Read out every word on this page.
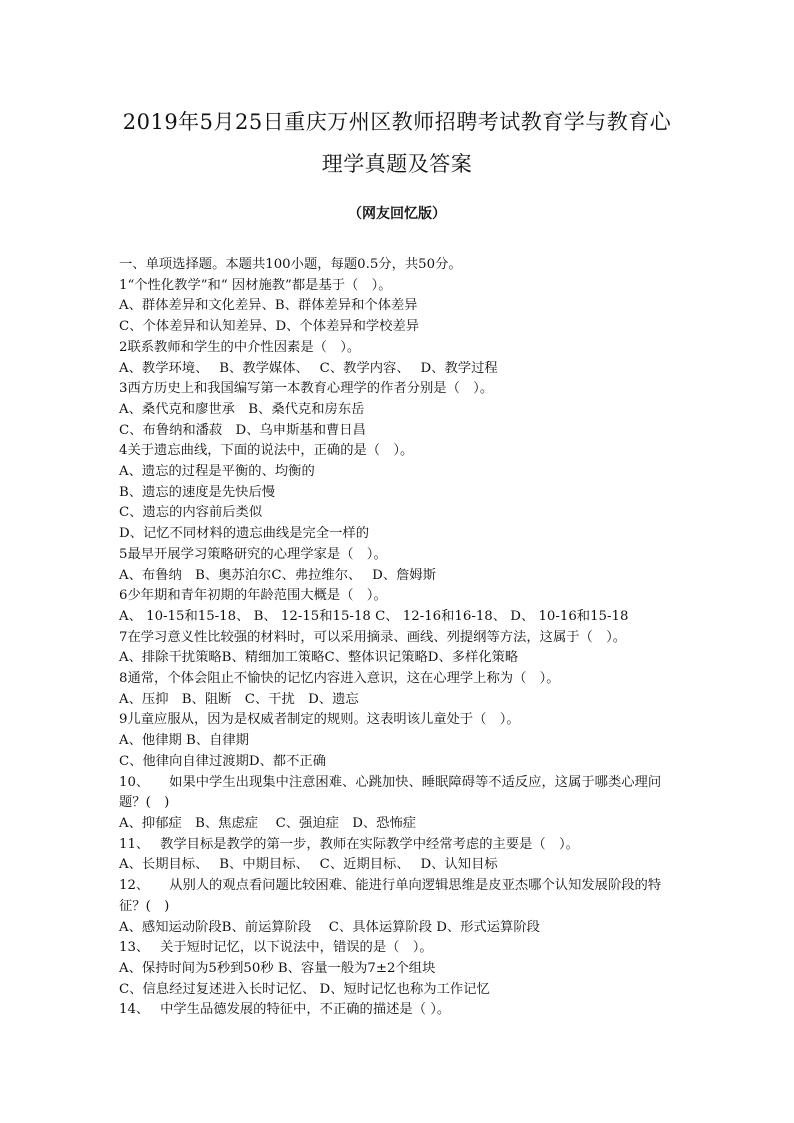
2019年5月25日重庆万州区教师招聘考试教育学与教育心
理学真题及答案
（网友回忆版）
一、单项选择题。本题共100小题，每题0.5分，共50分。
1“个性化教学”和“ 因材施教”都是基于（　）。
A、群体差异和文化差异、B、群体差异和个体差异
C、个体差异和认知差异、D、个体差异和学校差异
2联系教师和学生的中介性因素是（　）。
A、教学环境、　 B、教学媒体、　 C、教学内容、　 D、教学过程
3西方历史上和我国编写第一本教育心理学的作者分别是（　）。
A、桑代克和廖世承　B、桑代克和房东岳
C、布鲁纳和潘菽　D、乌申斯基和曹日昌
4关于遗忘曲线，下面的说法中，正确的是（　）。
A、遗忘的过程是平衡的、均衡的
B、遗忘的速度是先快后慢
C、遗忘的内容前后类似
D、记忆不同材料的遗忘曲线是完全一样的
5最早开展学习策略研究的心理学家是（　）。
A、布鲁纳　B、奥苏泊尔C、弗拉维尔、　 D、詹姆斯
6少年期和青年初期的年龄范围大概是（　）。
A、 10-15和15-18、 B、 12-15和15-18 C、 12-16和16-18、 D、 10-16和15-18
7在学习意义性比较强的材料时，可以采用摘录、画线、列提纲等方法，这属于（　）。
A、排除干扰策略B、精细加工策略C、整体识记策略D、多样化策略
8通常，个体会阻止不愉快的记忆内容进入意识，这在心理学上称为（　）。
A、压抑　B、阻断　C、干扰　D、遗忘
9儿童应服从，因为是权威者制定的规则。这表明该儿童处于（　）。
A、他律期 B、自律期
C、他律向自律过渡期D、都不正确
10、　　如果中学生出现集中注意困难、心跳加快、睡眠障碍等不适反应，这属于哪类心理问题？(　)
A、抑郁症　B、焦虑症　 C、强迫症　D、恐怖症
11、　 教学目标是教学的第一步，教师在实际教学中经常考虑的主要是（　）。
A、长期目标、　 B、中期目标、　 C、近期目标、　 D、认知目标
12、　　从别人的观点看问题比较困难、能进行单向逻辑思维是皮亚杰哪个认知发展阶段的特征？(　)
A、感知运动阶段B、前运算阶段　 C、具体运算阶段 D、形式运算阶段
13、　 关于短时记忆，以下说法中，错误的是（　）。
A、保持时间为5秒到50秒 B、容量一般为7±2个组块
C、信息经过复述进入长时记忆、 D、短时记忆也称为工作记忆
14、　 中学生品德发展的特征中，不正确的描述是（ ）。
